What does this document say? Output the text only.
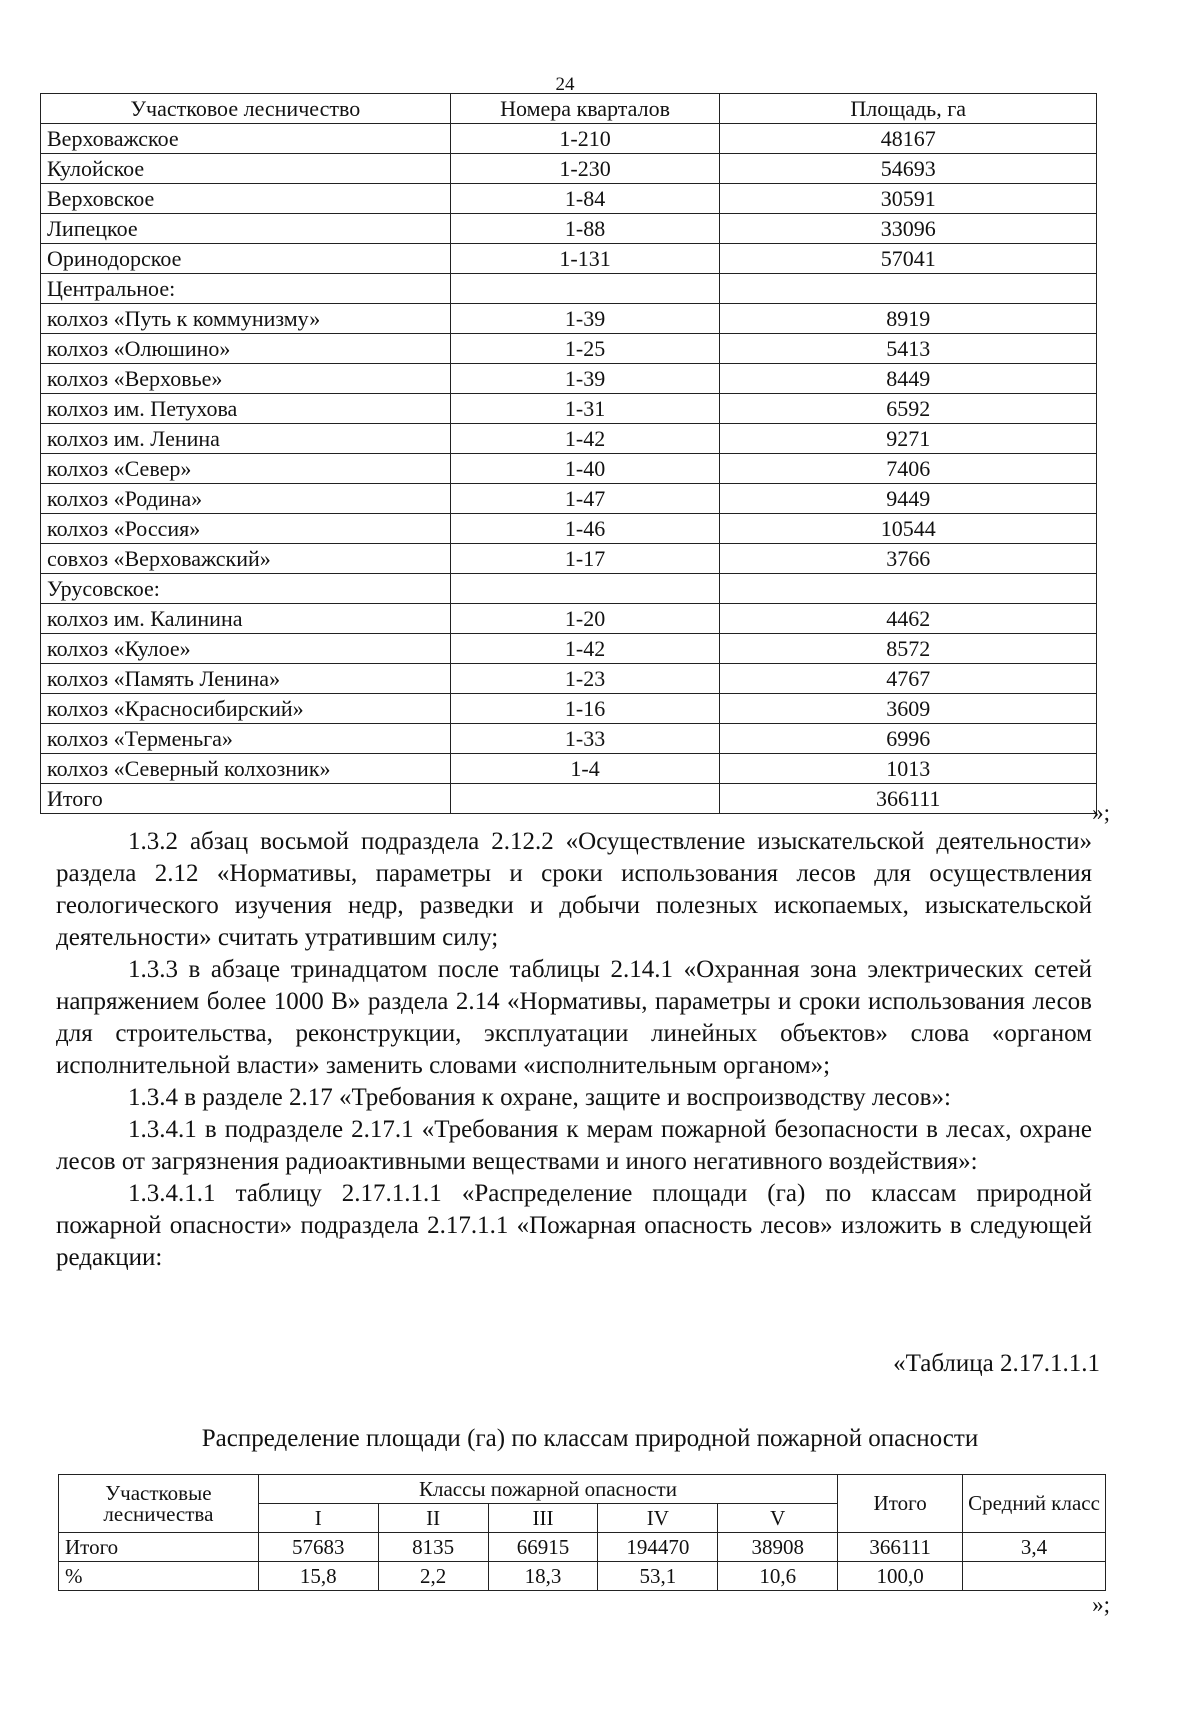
24
Участковое лесничество	Номера кварталов	Площадь, га
Верховажское	1-210	48167
Кулойское	1-230	54693
Верховское	1-84	30591
Липецкое	1-88	33096
Оринодорское	1-131	57041
Центральное:		
колхоз «Путь к коммунизму»	1-39	8919
колхоз «Олюшино»	1-25	5413
колхоз «Верховье»	1-39	8449
колхоз им. Петухова	1-31	6592
колхоз им. Ленина	1-42	9271
колхоз «Север»	1-40	7406
колхоз «Родина»	1-47	9449
колхоз «Россия»	1-46	10544
совхоз «Верховажский»	1-17	3766
Урусовское:		
колхоз им. Калинина	1-20	4462
колхоз «Кулое»	1-42	8572
колхоз «Память Ленина»	1-23	4767
колхоз «Красносибирский»	1-16	3609
колхоз «Терменьга»	1-33	6996
колхоз «Северный колхозник»	1-4	1013
Итого		366111
»;

1.3.2 абзац восьмой подраздела 2.12.2 «Осуществление изыскательской деятельности» раздела 2.12 «Нормативы, параметры и сроки использования лесов для осуществления геологического изучения недр, разведки и добычи полезных ископаемых, изыскательской деятельности» считать утратившим силу;

1.3.3 в абзаце тринадцатом после таблицы 2.14.1 «Охранная зона электрических сетей напряжением более 1000 В» раздела 2.14 «Нормативы, параметры и сроки использования лесов для строительства, реконструкции, эксплуатации линейных объектов» слова «органом исполнительной власти» заменить словами «исполнительным органом»;

1.3.4 в разделе 2.17 «Требования к охране, защите и воспроизводству лесов»:

1.3.4.1 в подразделе 2.17.1 «Требования к мерам пожарной безопасности в лесах, охране лесов от загрязнения радиоактивными веществами и иного негативного воздействия»:

1.3.4.1.1 таблицу 2.17.1.1.1 «Распределение площади (га) по классам природной пожарной опасности» подраздела 2.17.1.1 «Пожарная опасность лесов» изложить в следующей редакции:

«Таблица 2.17.1.1.1
Распределение площади (га) по классам природной пожарной опасности
Участковые лесничества	Классы пожарной опасности					Итого	Средний класс
	I	II	III	IV	V		
Итого	57683	8135	66915	194470	38908	366111	3,4
%	15,8	2,2	18,3	53,1	10,6	100,0	
»;
